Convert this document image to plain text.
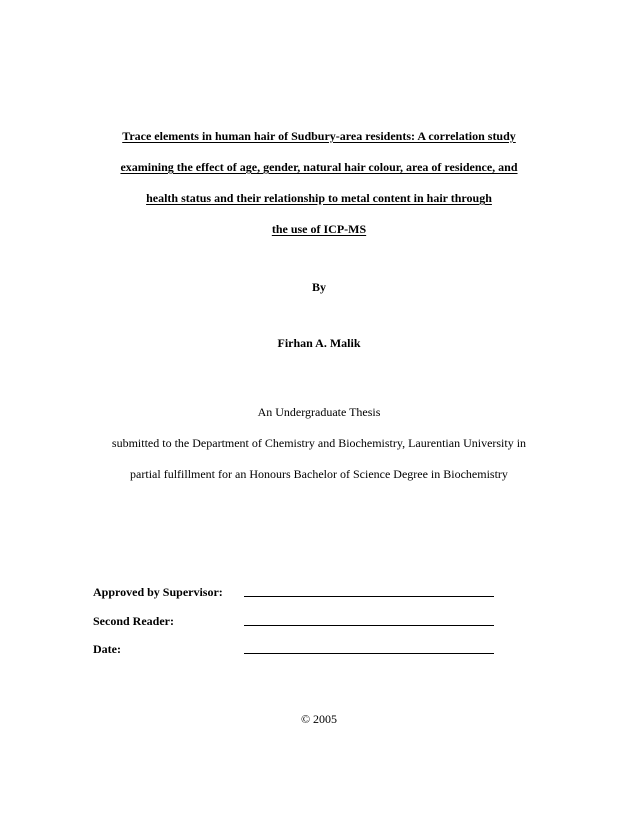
Trace elements in human hair of Sudbury-area residents: A correlation study
examining the effect of age, gender, natural hair colour, area of residence, and
health status and their relationship to metal content in hair through
the use of ICP-MS
By
Firhan A. Malik
An Undergraduate Thesis
submitted to the Department of Chemistry and Biochemistry, Laurentian University in
partial fulfillment for an Honours Bachelor of Science Degree in Biochemistry
Approved by Supervisor:
Second Reader:
Date:
© 2005
